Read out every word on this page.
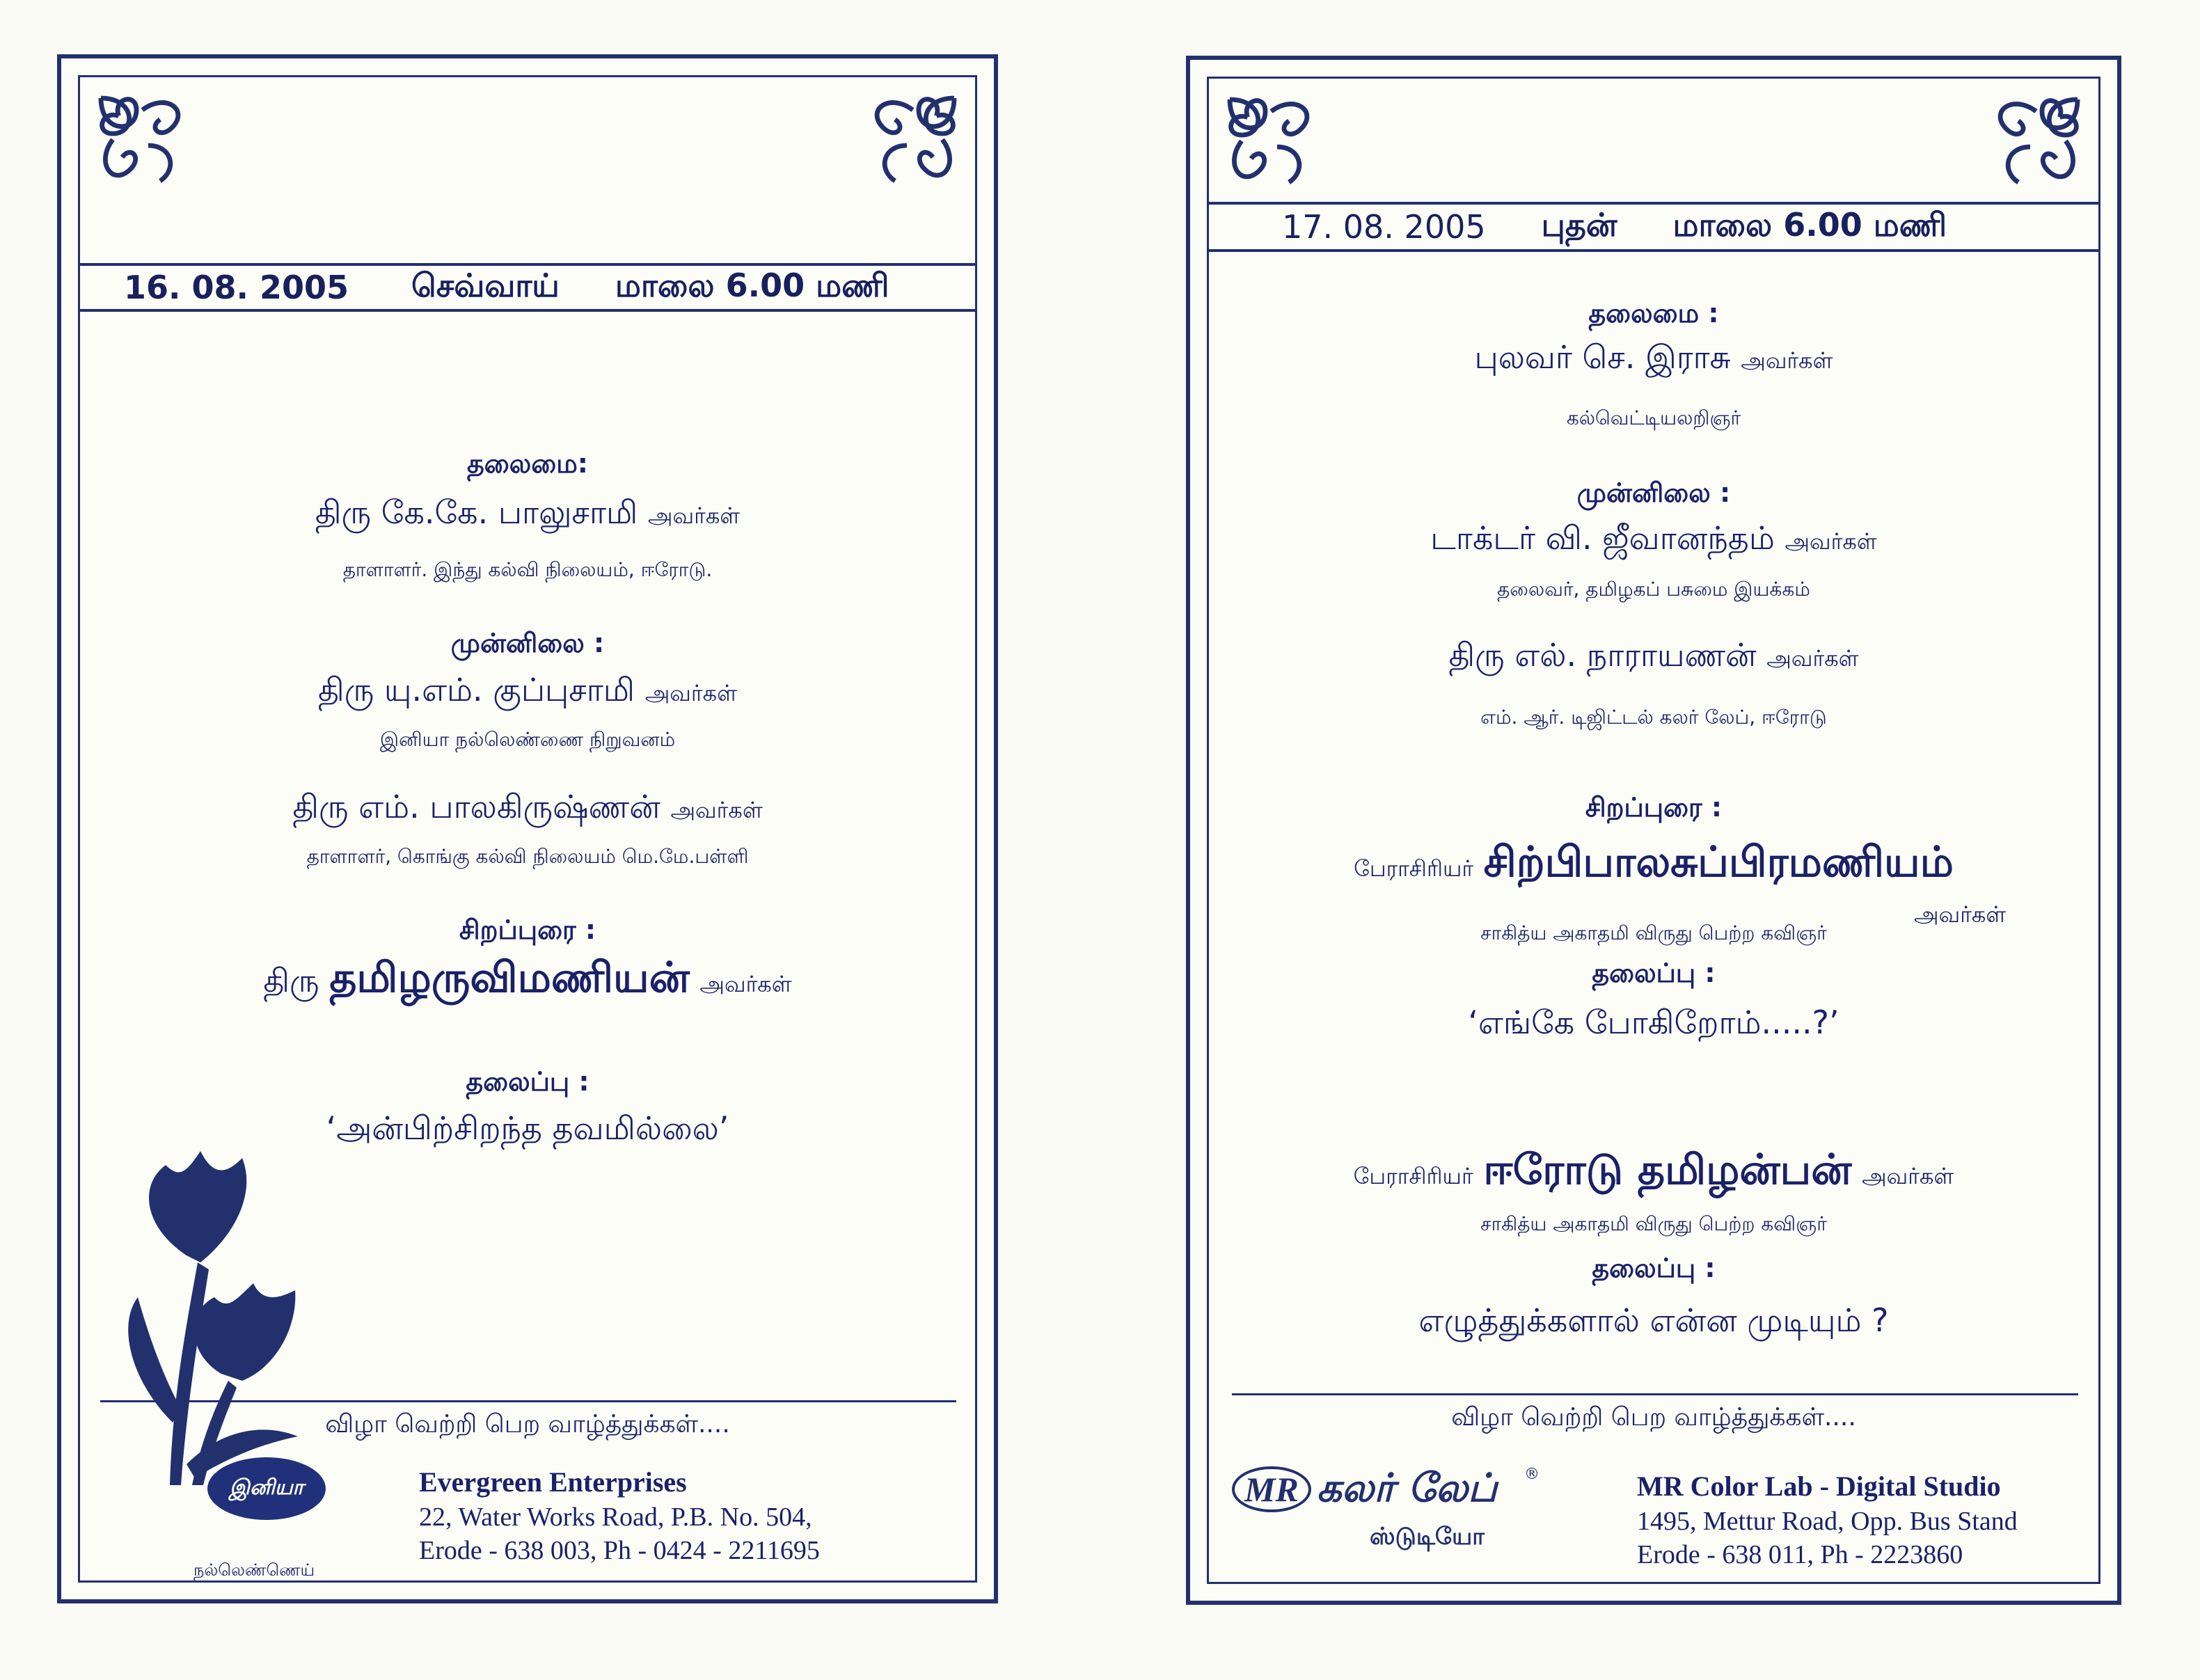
16. 08. 2005 செவ்வாய் மாலை 6.00 மணி
தலைமை:
திரு கே.கே. பாலுசாமி அவர்கள்
தாளாளர். இந்து கல்வி நிலையம், ஈரோடு.
முன்னிலை :
திரு யு.எம். குப்புசாமி அவர்கள்
இனியா நல்லெண்ணை நிறுவனம்
திரு எம். பாலகிருஷ்ணன் அவர்கள்
தாளாளர், கொங்கு கல்வி நிலையம் மெ.மே.பள்ளி
சிறப்புரை :
திரு தமிழருவிமணியன் அவர்கள்
தலைப்பு :
‘அன்பிற்சிறந்த தவமில்லை’
விழா வெற்றி பெற வாழ்த்துக்கள்....
இனியா
நல்லெண்ணெய்
Evergreen Enterprises
22, Water Works Road, P.B. No. 504,
Erode - 638 003, Ph - 0424 - 2211695
17. 08. 2005 புதன் மாலை 6.00 மணி
தலைமை :
புலவர் செ. இராசு அவர்கள்
கல்வெட்டியலறிஞர்
முன்னிலை :
டாக்டர் வி. ஜீவானந்தம் அவர்கள்
தலைவர், தமிழகப் பசுமை இயக்கம்
திரு எல். நாராயணன் அவர்கள்
எம். ஆர். டிஜிட்டல் கலர் லேப், ஈரோடு
சிறப்புரை :
பேராசிரியர் சிற்பிபாலசுப்பிரமணியம்
சாகித்ய அகாதமி விருது பெற்ற கவிஞர்
அவர்கள்
தலைப்பு :
‘எங்கே போகிறோம்.....?’
பேராசிரியர் ஈரோடு தமிழன்பன் அவர்கள்
சாகித்ய அகாதமி விருது பெற்ற கவிஞர்
தலைப்பு :
எழுத்துக்களால் என்ன முடியும் ?
விழா வெற்றி பெற வாழ்த்துக்கள்....
MR கலர் லேப் ®
ஸ்டுடியோ
MR Color Lab - Digital Studio
1495, Mettur Road, Opp. Bus Stand
Erode - 638 011, Ph - 2223860
